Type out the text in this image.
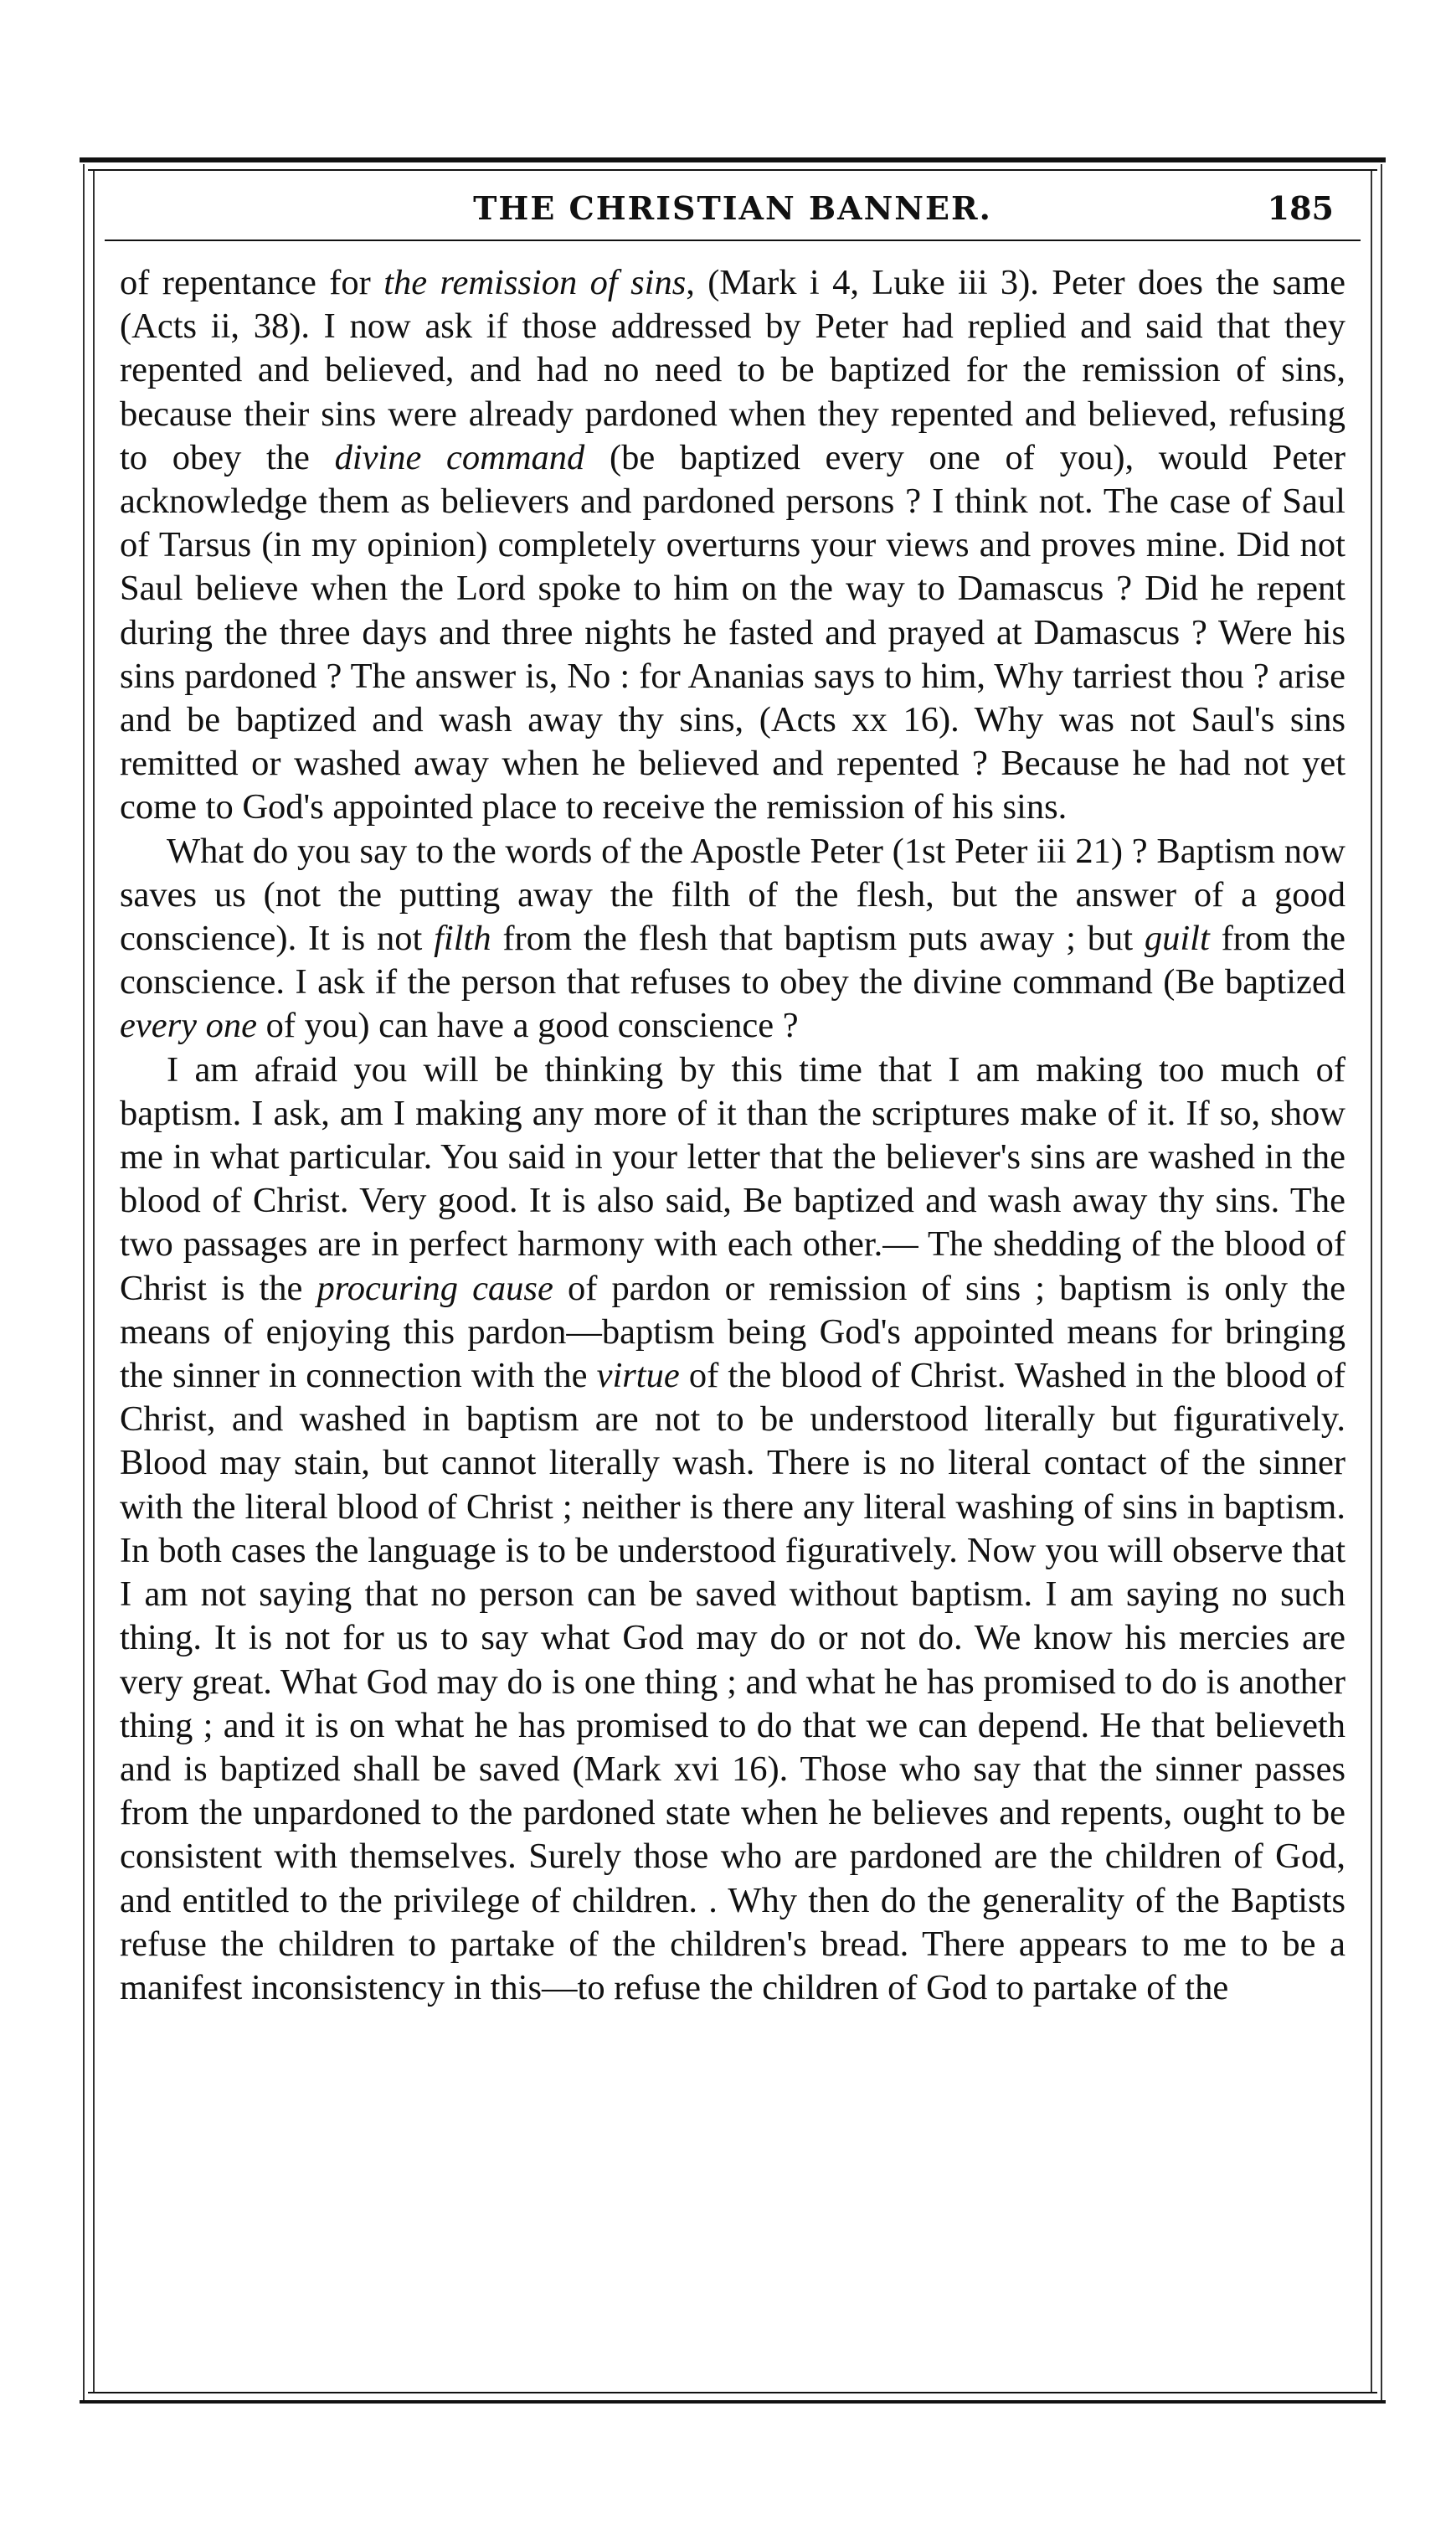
THE CHRISTIAN BANNER.	185

of repentance for the remission of sins, (Mark i 4, Luke iii 3). Peter does the same (Acts ii, 38). I now ask if those addressed by Peter had replied and said that they repented and believed, and had no need to be baptized for the remission of sins, because their sins were already pardoned when they repented and believed, refusing to obey the divine command (be baptized every one of you), would Peter acknowledge them as believers and pardoned persons ? I think not. The case of Saul of Tarsus (in my opinion) completely overturns your views and proves mine. Did not Saul believe when the Lord spoke to him on the way to Damascus ? Did he repent during the three days and three nights he fasted and prayed at Damascus ? Were his sins pardoned ? The answer is, No : for Ananias says to him, Why tarriest thou ? arise and be baptized and wash away thy sins, (Acts xx 16). Why was not Saul's sins remitted or washed away when he believed and repented ? Because he had not yet come to God's appointed place to receive the remission of his sins.

What do you say to the words of the Apostle Peter (1st Peter iii 21) ? Baptism now saves us (not the putting away the filth of the flesh, but the answer of a good conscience). It is not filth from the flesh that baptism puts away ; but guilt from the conscience. I ask if the person that refuses to obey the divine command (Be baptized every one of you) can have a good conscience ?

I am afraid you will be thinking by this time that I am making too much of baptism. I ask, am I making any more of it than the scriptures make of it. If so, show me in what particular. You said in your letter that the believer's sins are washed in the blood of Christ. Very good. It is also said, Be baptized and wash away thy sins. The two passages are in perfect harmony with each other.— The shedding of the blood of Christ is the procuring cause of pardon or remission of sins ; baptism is only the means of enjoying this pardon—baptism being God's appointed means for bringing the sinner in connection with the virtue of the blood of Christ. Washed in the blood of Christ, and washed in baptism are not to be understood literally but figuratively. Blood may stain, but cannot literally wash. There is no literal contact of the sinner with the literal blood of Christ ; neither is there any literal washing of sins in baptism. In both cases the language is to be understood figuratively. Now you will observe that I am not saying that no person can be saved without baptism. I am saying no such thing. It is not for us to say what God may do or not do. We know his mercies are very great. What God may do is one thing ; and what he has promised to do is another thing ; and it is on what he has promised to do that we can depend. He that believeth and is baptized shall be saved (Mark xvi 16). Those who say that the sinner passes from the unpardoned to the pardoned state when he believes and repents, ought to be consistent with themselves. Surely those who are pardoned are the children of God, and entitled to the privilege of children. . Why then do the generality of the Baptists refuse the children to partake of the children's bread. There appears to me to be a manifest inconsistency in this—to refuse the children of God to partake of the
